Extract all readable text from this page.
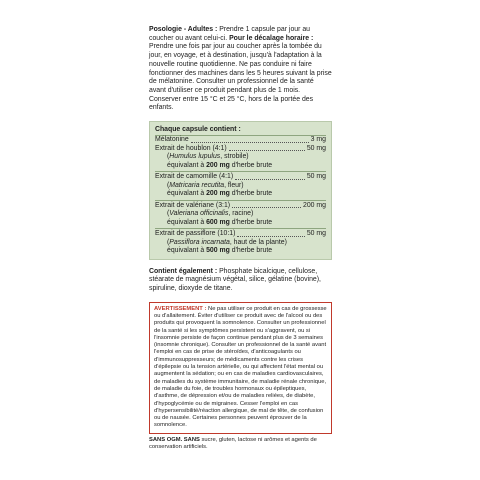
Posologie - Adultes : Prendre 1 capsule par jour au coucher ou avant celui-ci. Pour le décalage horaire : Prendre une fois par jour au coucher après la tombée du jour, en voyage, et à destination, jusqu'à l'adaptation à la nouvelle routine quotidienne. Ne pas conduire ni faire fonctionner des machines dans les 5 heures suivant la prise de mélatonine. Consulter un professionnel de la santé avant d'utiliser ce produit pendant plus de 1 mois. Conserver entre 15 °C et 25 °C, hors de la portée des enfants.

Chaque capsule contient :
Mélatonine	3 mg
Extrait de houblon (4:1)	50 mg
(Humulus lupulus, strobile)
équivalant à 200 mg d'herbe brute
Extrait de camomille (4:1)	50 mg
(Matricaria recutita, fleur)
équivalant à 200 mg d'herbe brute
Extrait de valériane (3:1)	200 mg
(Valeriana officinalis, racine)
équivalant à 600 mg d'herbe brute
Extrait de passiflore (10:1)	50 mg
(Passiflora incarnata, haut de la plante)
équivalant à 500 mg d'herbe brute

Contient également : Phosphate bicalcique, cellulose, stéarate de magnésium végétal, silice, gélatine (bovine), spiruline, dioxyde de titane.

AVERTISSEMENT : Ne pas utiliser ce produit en cas de grossesse ou d'allaitement. Éviter d'utiliser ce produit avec de l'alcool ou des produits qui provoquent la somnolence. Consulter un professionnel de la santé si les symptômes persistent ou s'aggravent, ou si l'insomnie persiste de façon continue pendant plus de 3 semaines (insomnie chronique). Consulter un professionnel de la santé avant l'emploi en cas de prise de stéroïdes, d'anticoagulants ou d'immunosuppresseurs; de médicaments contre les crises d'épilepsie ou la tension artérielle, ou qui affectent l'état mental ou augmentent la sédation; ou en cas de maladies cardiovasculaires, de maladies du système immunitaire, de maladie rénale chronique, de maladie du foie, de troubles hormonaux ou épileptiques, d'asthme, de dépression et/ou de maladies reliées, de diabète, d'hypoglycémie ou de migraines. Cesser l'emploi en cas d'hypersensibilité/réaction allergique, de mal de tête, de confusion ou de nausée. Certaines personnes peuvent éprouver de la somnolence.
SANS OGM. SANS sucre, gluten, lactose ni arômes et agents de conservation artificiels.
